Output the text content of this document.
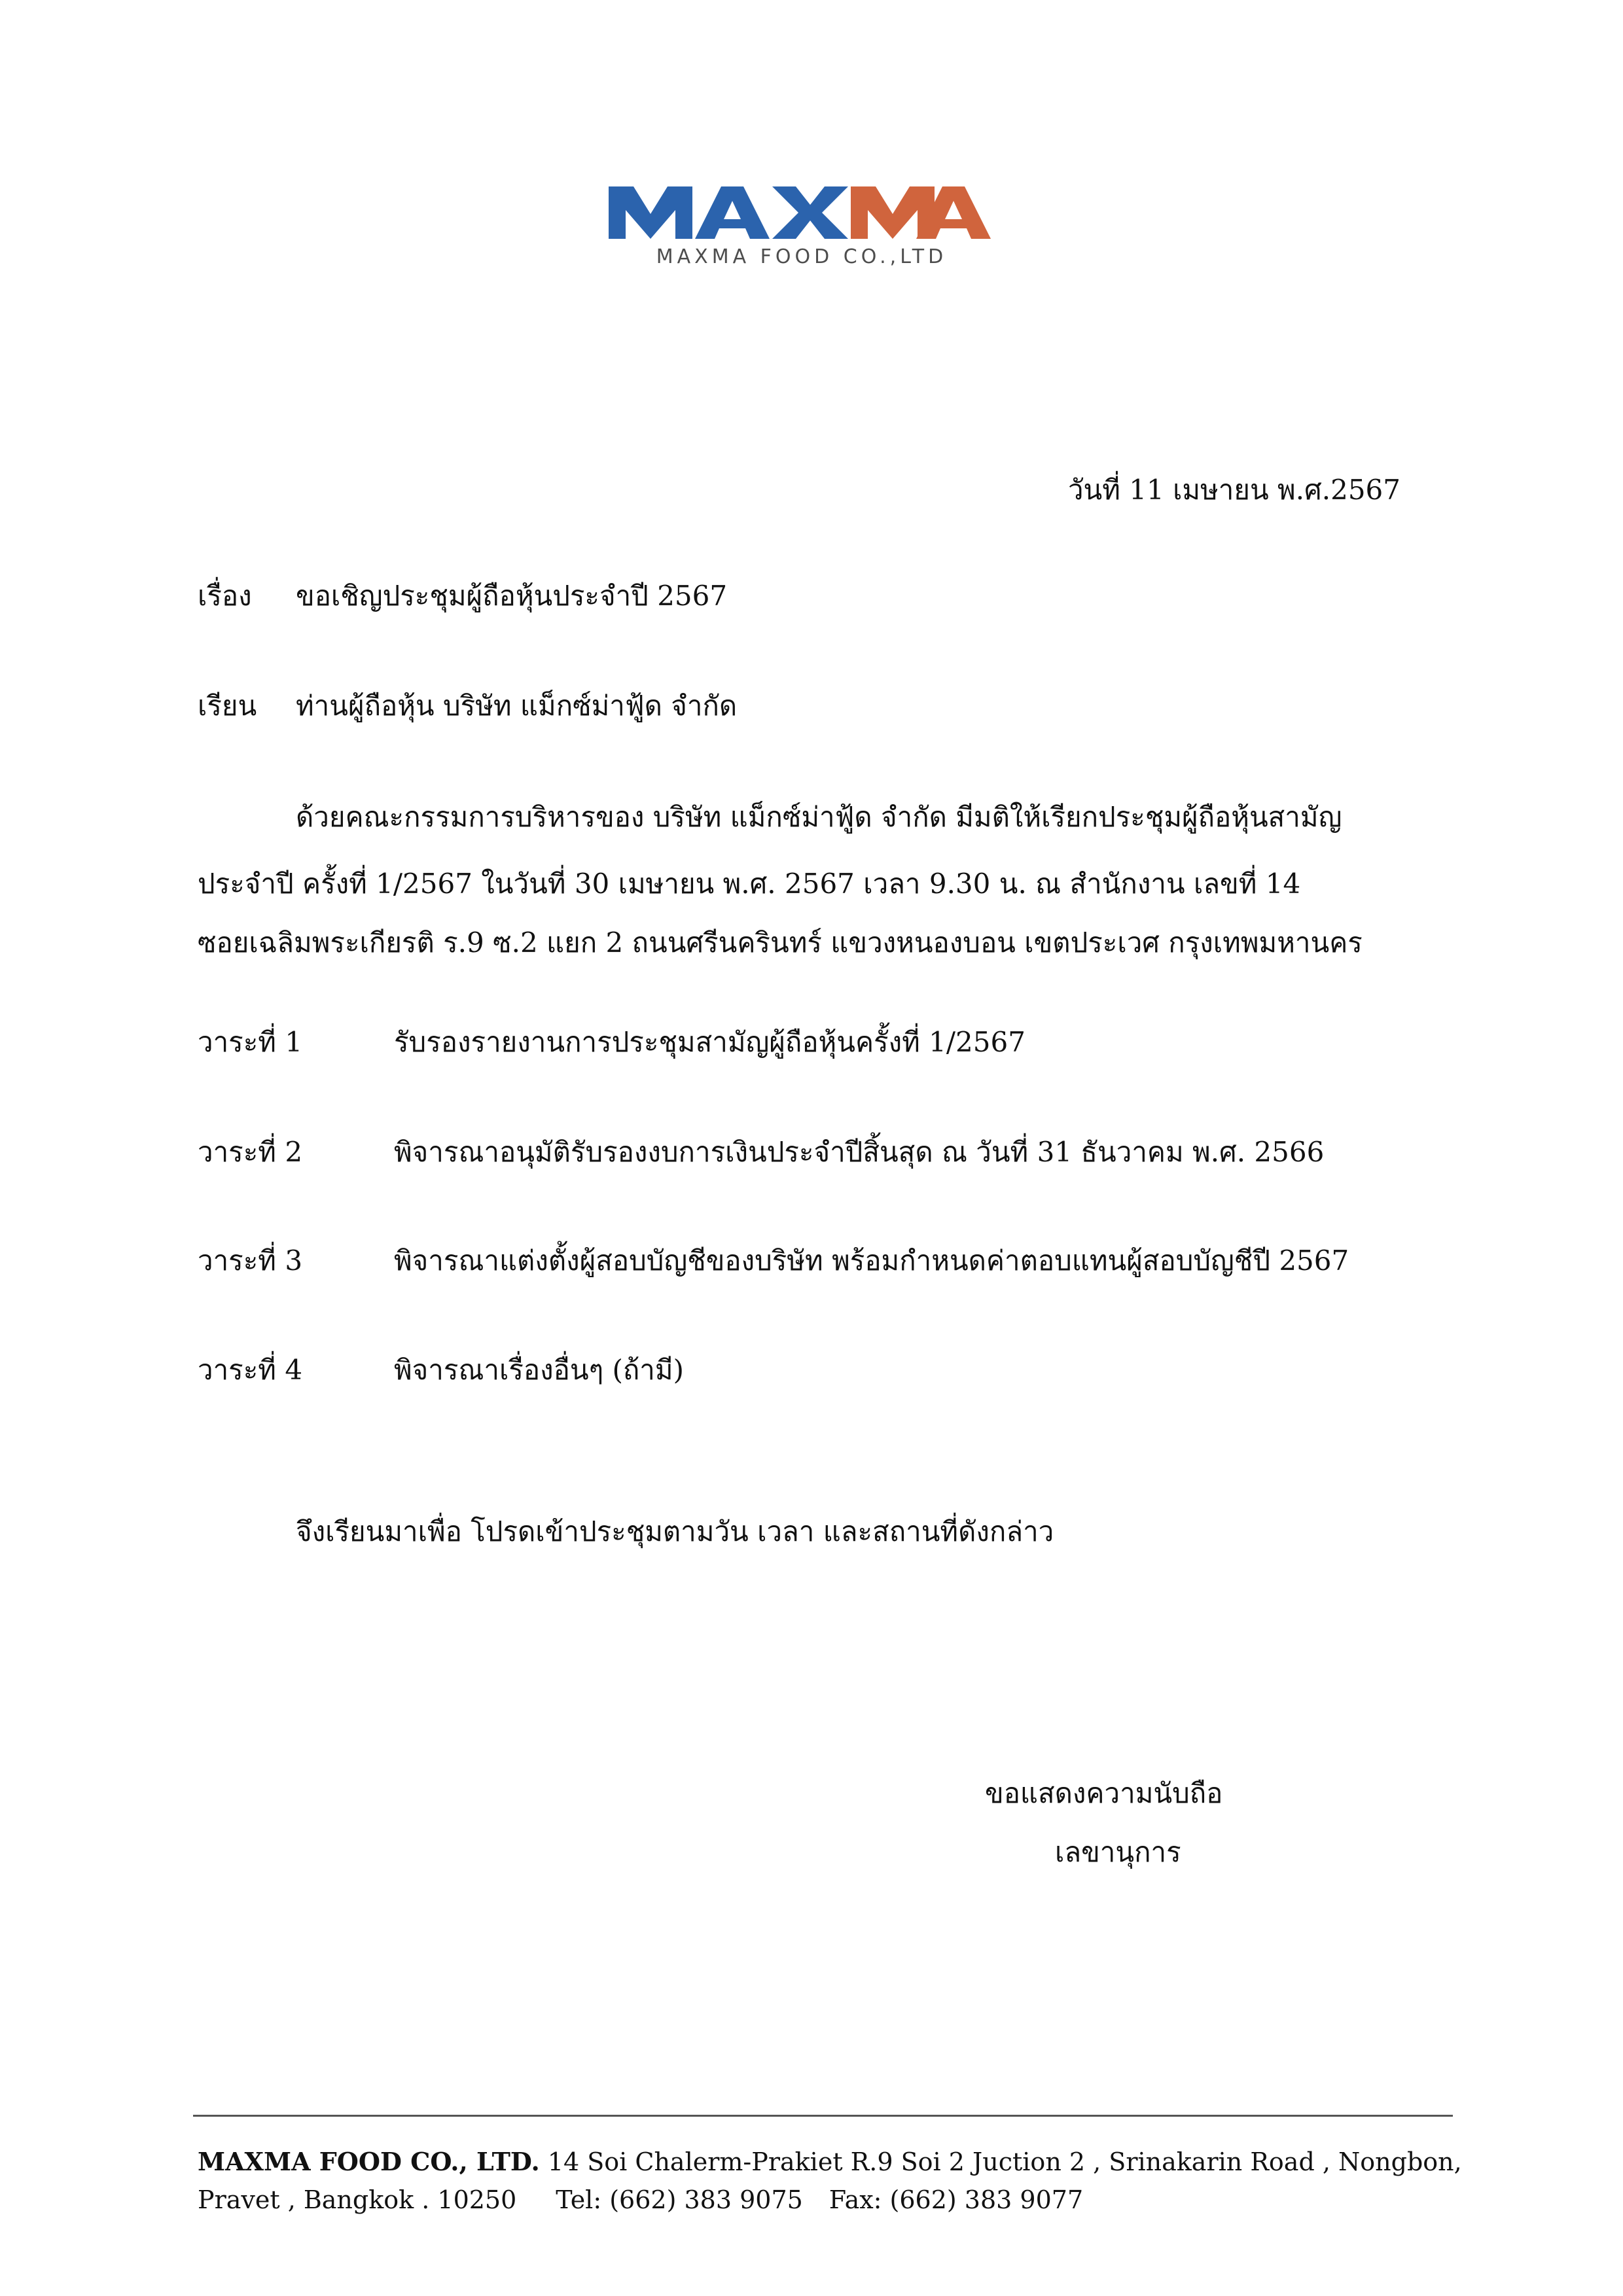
MAXMA FOOD CO.,LTD
วันที่ 11 เมษายน พ.ศ.2567
เรื่อง ขอเชิญประชุมผู้ถือหุ้นประจำปี 2567
เรียน ท่านผู้ถือหุ้น บริษัท แม็กซ์ม่าฟู้ด จำกัด
ด้วยคณะกรรมการบริหารของ บริษัท แม็กซ์ม่าฟู้ด จำกัด มีมติให้เรียกประชุมผู้ถือหุ้นสามัญ
ประจำปี ครั้งที่ 1/2567 ในวันที่ 30 เมษายน พ.ศ. 2567 เวลา 9.30 น. ณ สำนักงาน เลขที่ 14
ซอยเฉลิมพระเกียรติ ร.9 ซ.2 แยก 2 ถนนศรีนครินทร์ แขวงหนองบอน เขตประเวศ กรุงเทพมหานคร
วาระที่ 1	รับรองรายงานการประชุมสามัญผู้ถือหุ้นครั้งที่ 1/2567
วาระที่ 2	พิจารณาอนุมัติรับรองงบการเงินประจำปีสิ้นสุด ณ วันที่ 31 ธันวาคม พ.ศ. 2566
วาระที่ 3	พิจารณาแต่งตั้งผู้สอบบัญชีของบริษัท พร้อมกำหนดค่าตอบแทนผู้สอบบัญชีปี 2567
วาระที่ 4	พิจารณาเรื่องอื่นๆ (ถ้ามี)
จึงเรียนมาเพื่อ โปรดเข้าประชุมตามวัน เวลา และสถานที่ดังกล่าว
ขอแสดงความนับถือ
เลขานุการ
MAXMA FOOD CO., LTD. 14 Soi Chalerm-Prakiet R.9 Soi 2 Juction 2 , Srinakarin Road , Nongbon,
Pravet , Bangkok . 10250 Tel: (662) 383 9075 Fax: (662) 383 9077
